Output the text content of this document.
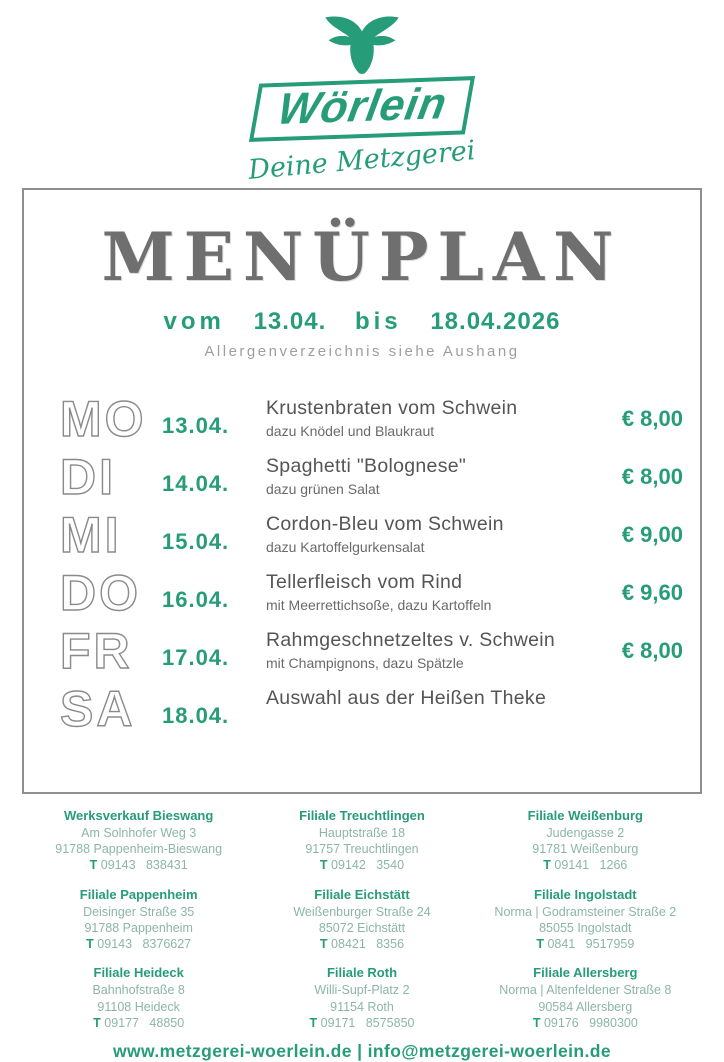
Wörlein
Deine Metzgerei
MENÜPLAN
vom 13.04. bis 18.04.2026
Allergenverzeichnis siehe Aushang
MO 13.04.
Krustenbraten vom Schwein
dazu Knödel und Blaukraut
€ 8,00
DI	14.04.
Spaghetti "Bolognese"
dazu grünen Salat
€ 8,00
MI	15.04.
Cordon-Bleu vom Schwein
dazu Kartoffelgurkensalat
€ 9,00
DO 16.04.
Tellerfleisch vom Rind
mit Meerrettichsoße, dazu Kartoffeln
€ 9,60
FR	17.04.
Rahmgeschnetzeltes v. Schwein
mit Champignons, dazu Spätzle
€ 8,00
SA	18.04.
Auswahl aus der Heißen Theke
Werksverkauf Bieswang
Am Solnhofer Weg 3
91788 Pappenheim-Bieswang
T 09143   838431
Filiale Treuchtlingen
Hauptstraße 18
91757 Treuchtlingen
T 09142   3540
Filiale Weißenburg
Judengasse 2
91781 Weißenburg
T 09141   1266
Filiale Pappenheim
Deisinger Straße 35
91788 Pappenheim
T 09143   8376627
Filiale Eichstätt
Weißenburger Straße 24
85072 Eichstätt
T 08421   8356
Filiale Ingolstadt
Norma | Godramsteiner Straße 2
85055 Ingolstadt
T 0841   9517959
Filiale Heideck
Bahnhofstraße 8
91108 Heideck
T 09177   48850
Filiale Roth
Willi-Supf-Platz 2
91154 Roth
T 09171   8575850
Filiale Allersberg
Norma | Altenfeldener Straße 8
90584 Allersberg
T 09176   9980300
www.metzgerei-woerlein.de | info@metzgerei-woerlein.de
